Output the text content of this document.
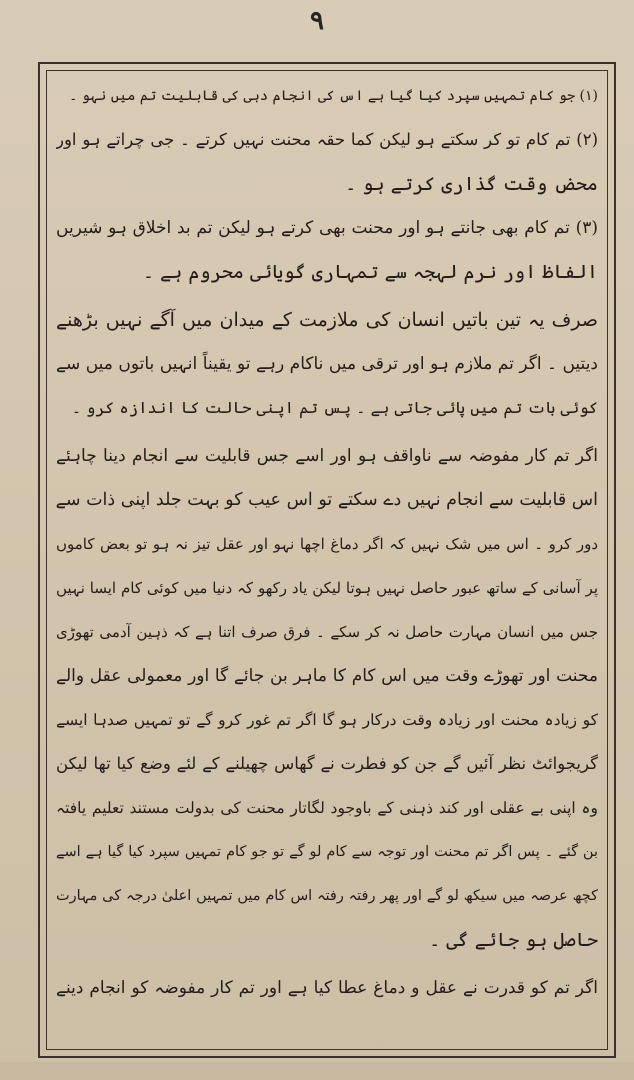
۹
(۱) جو کام تمہیں سپرد کیا گیا ہے اس کی انجام دہی کی قابلیت تم میں نہو ۔
(۲) تم کام تو کر سکتے ہو لیکن کما حقہ محنت نہیں کرتے ۔ جی چراتے ہو اور
محض وقت گذاری کرتے ہو ۔
(۳) تم کام بھی جانتے ہو اور محنت بھی کرتے ہو لیکن تم بد اخلاق ہو شیریں
الفاظ اور نرم لہجہ سے تمہاری گویائی محروم ہے ۔
صرف یہ تین باتیں انسان کی ملازمت کے میدان میں آگے نہیں بڑھنے
دیتیں ۔ اگر تم ملازم ہو اور ترقی میں ناکام رہے تو یقیناً انہیں باتوں میں سے
کوئی بات تم میں پائی جاتی ہے ۔ پس تم اپنی حالت کا اندازہ کرو ۔
اگر تم کار مفوضہ سے ناواقف ہو اور اسے جس قابلیت سے انجام دینا چاہئے
اس قابلیت سے انجام نہیں دے سکتے تو اس عیب کو بہت جلد اپنی ذات سے
دور کرو ۔ اس میں شک نہیں کہ اگر دماغ اچھا نہو اور عقل تیز نہ ہو تو بعض کاموں
پر آسانی کے ساتھ عبور حاصل نہیں ہوتا لیکن یاد رکھو کہ دنیا میں کوئی کام ایسا نہیں
جس میں انسان مہارت حاصل نہ کر سکے ۔ فرق صرف اتنا ہے کہ ذہین آدمی تھوڑی
محنت اور تھوڑے وقت میں اس کام کا ماہر بن جائے گا اور معمولی عقل والے
کو زیادہ محنت اور زیادہ وقت درکار ہو گا اگر تم غور کرو گے تو تمہیں صدہا ایسے
گریجوائٹ نظر آئیں گے جن کو فطرت نے گھاس چھیلنے کے لئے وضع کیا تھا لیکن
وہ اپنی بے عقلی اور کند ذہنی کے باوجود لگاتار محنت کی بدولت مستند تعلیم یافتہ
بن گئے ۔ پس اگر تم محنت اور توجہ سے کام لو گے تو جو کام تمہیں سپرد کیا گیا ہے اسے
کچھ عرصہ میں سیکھ لو گے اور پھر رفتہ رفتہ اس کام میں تمہیں اعلیٰ درجہ کی مہارت
حاصل ہو جائے گی ۔
اگر تم کو قدرت نے عقل و دماغ عطا کیا ہے اور تم کار مفوضہ کو انجام دینے
